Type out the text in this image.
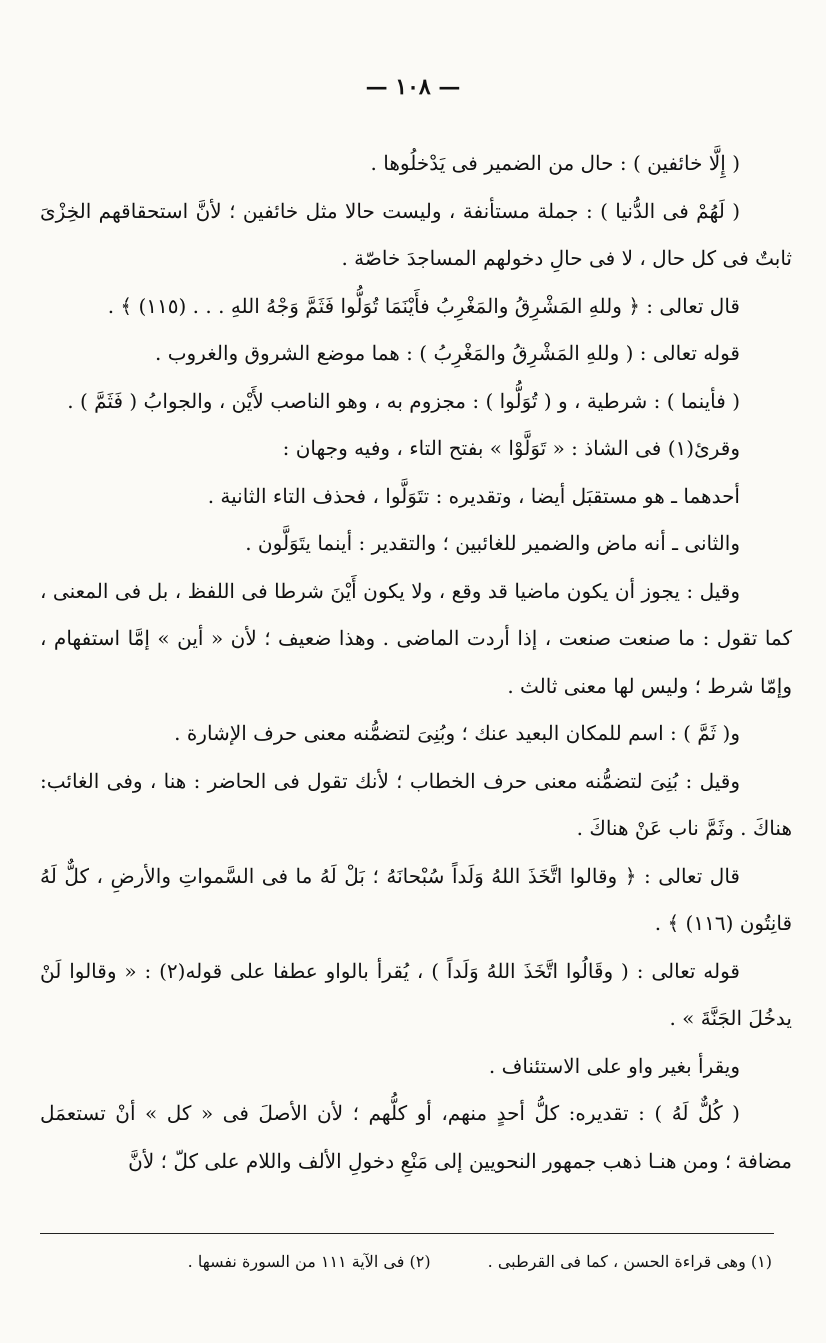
— ١٠٨ —

( إِلَّا خائفين ) : حال من الضمير فى يَدْخلُوها .

( لَهُمْ فى الدُّنيا ) : جملة مستأنفة ، وليست حالا مثل خائفين ؛ لأنَّ استحقاقهم الخِزْىَ ثابتٌ فى كل حال ، لا فى حالِ دخولهم المساجدَ خاصّة .

قال تعالى : ﴿ وللهِ المَشْرِقُ والمَغْرِبُ فأَيْنَمَا تُوَلُّوا فَثَمَّ وَجْهُ اللهِ . . . (١١٥) ﴾ .

قوله تعالى : ( وللهِ المَشْرِقُ والمَغْرِبُ ) : هما موضع الشروق والغروب .

( فأينما ) : شرطية ، و ( تُوَلُّوا ) : مجزوم به ، وهو الناصب لأَيْن ، والجوابُ ( فَثَمَّ ) .

وقرئ(١) فى الشاذ : « تَوَلَّوْا » بفتح التاء ، وفيه وجهان :

أحدهما ـ هو مستقبَل أيضا ، وتقديره : تتَوَلَّوا ، فحذف التاء الثانية .

والثانى ـ أنه ماض والضمير للغائبين ؛ والتقدير : أينما يتَوَلَّون .

وقيل : يجوز أن يكون ماضيا قد وقع ، ولا يكون أَيْنَ شرطا فى اللفظ ، بل فى المعنى ، كما تقول : ما صنعت صنعت ، إذا أردت الماضى . وهذا ضعيف ؛ لأن « أين » إمَّا استفهام ، وإمّا شرط ؛ وليس لها معنى ثالث .

و( ثَمَّ ) : اسم للمكان البعيد عنك ؛ وبُنِىَ لتضمُّنه معنى حرف الإشارة .

وقيل : بُنِىَ لتضمُّنه معنى حرف الخطاب ؛ لأنك تقول فى الحاضر : هنا ، وفى الغائب: هناكَ . وثَمَّ ناب عَنْ هناكَ .

قال تعالى : ﴿ وقالوا اتَّخَذَ اللهُ وَلَداً سُبْحانَهُ ؛ بَلْ لَهُ ما فى السَّمواتِ والأرضِ ، كلٌّ لَهُ قانِتُون (١١٦) ﴾ .

قوله تعالى : ( وقَالُوا اتَّخَذَ اللهُ وَلَداً ) ، يُقرأ بالواو عطفا على قوله(٢) : « وقالوا لَنْ يدخُلَ الجَنَّةَ » .

ويقرأ بغير واو على الاستئناف .

( كُلٌّ لَهُ ) : تقديره: كلُّ أحدٍ منهم، أو كلُّهم ؛ لأن الأصلَ فى « كل » أنْ تستعمَل مضافة ؛ ومن هنـا ذهب جمهور النحويين إلى مَنْعِ دخولِ الألف واللام على كلّ ؛ لأنَّ

(١) وهى قراءة الحسن ، كما فى القرطبى . (٢) فى الآية ١١١ من السورة نفسها .
